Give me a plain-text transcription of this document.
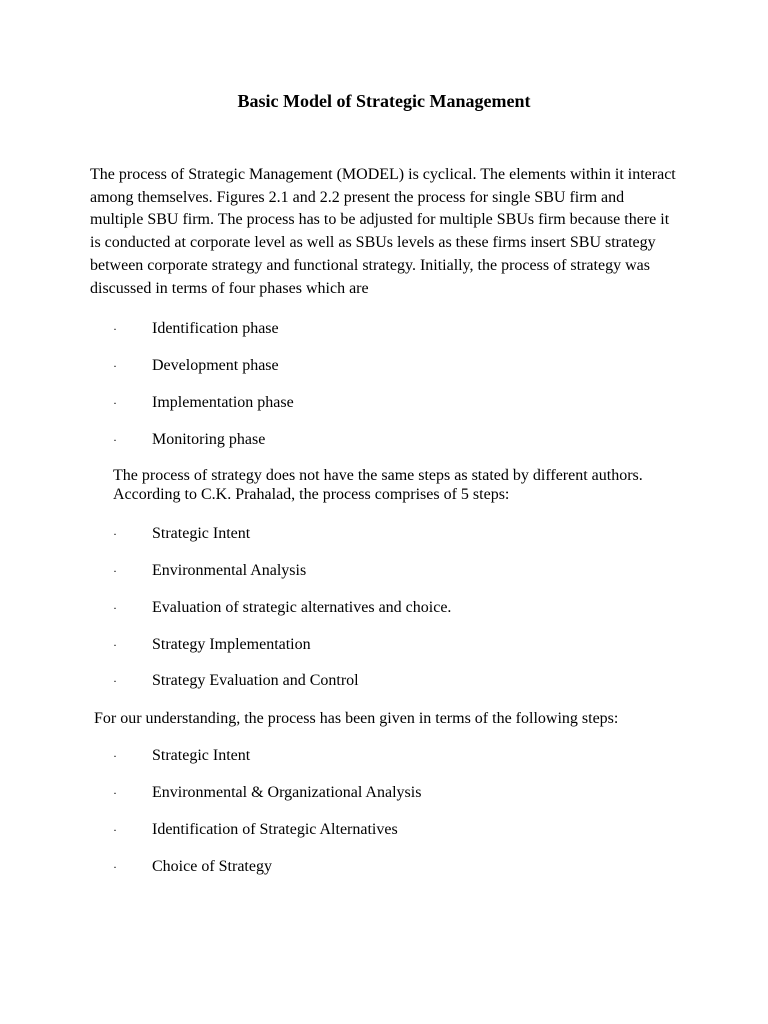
Basic Model of Strategic Management

The process of Strategic Management (MODEL) is cyclical. The elements within it interact among themselves. Figures 2.1 and 2.2 present the process for single SBU firm and multiple SBU firm. The process has to be adjusted for multiple SBUs firm because there it is conducted at corporate level as well as SBUs levels as these firms insert SBU strategy between corporate strategy and functional strategy. Initially, the process of strategy was discussed in terms of four phases which are

· Identification phase
· Development phase
· Implementation phase
· Monitoring phase

The process of strategy does not have the same steps as stated by different authors. According to C.K. Prahalad, the process comprises of 5 steps:

· Strategic Intent
· Environmental Analysis
· Evaluation of strategic alternatives and choice.
· Strategy Implementation
· Strategy Evaluation and Control

For our understanding, the process has been given in terms of the following steps:

· Strategic Intent
· Environmental & Organizational Analysis
· Identification of Strategic Alternatives
· Choice of Strategy
